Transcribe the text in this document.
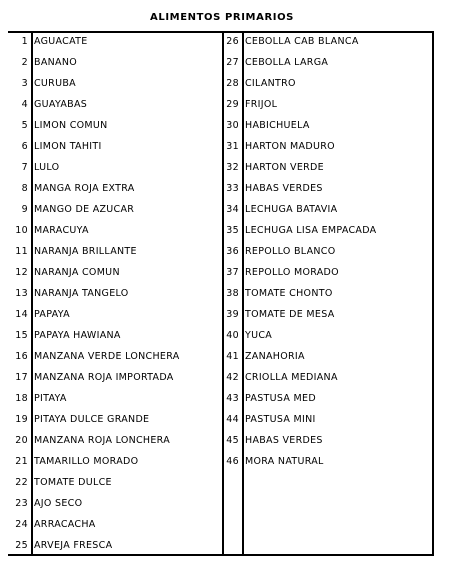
ALIMENTOS PRIMARIOS
1 AGUACATE
2 BANANO
3 CURUBA
4 GUAYABAS
5 LIMON COMUN
6 LIMON TAHITI
7 LULO
8 MANGA ROJA EXTRA
9 MANGO DE AZUCAR
10 MARACUYA
11 NARANJA BRILLANTE
12 NARANJA COMUN
13 NARANJA TANGELO
14 PAPAYA
15 PAPAYA HAWIANA
16 MANZANA VERDE LONCHERA
17 MANZANA ROJA IMPORTADA
18 PITAYA
19 PITAYA DULCE GRANDE
20 MANZANA ROJA LONCHERA
21 TAMARILLO MORADO
22 TOMATE DULCE
23 AJO SECO
24 ARRACACHA
25 ARVEJA FRESCA
26 CEBOLLA CAB BLANCA
27 CEBOLLA LARGA
28 CILANTRO
29 FRIJOL
30 HABICHUELA
31 HARTON MADURO
32 HARTON VERDE
33 HABAS VERDES
34 LECHUGA BATAVIA
35 LECHUGA LISA EMPACADA
36 REPOLLO BLANCO
37 REPOLLO MORADO
38 TOMATE CHONTO
39 TOMATE DE MESA
40 YUCA
41 ZANAHORIA
42 CRIOLLA MEDIANA
43 PASTUSA MED
44 PASTUSA MINI
45 HABAS VERDES
46 MORA NATURAL
